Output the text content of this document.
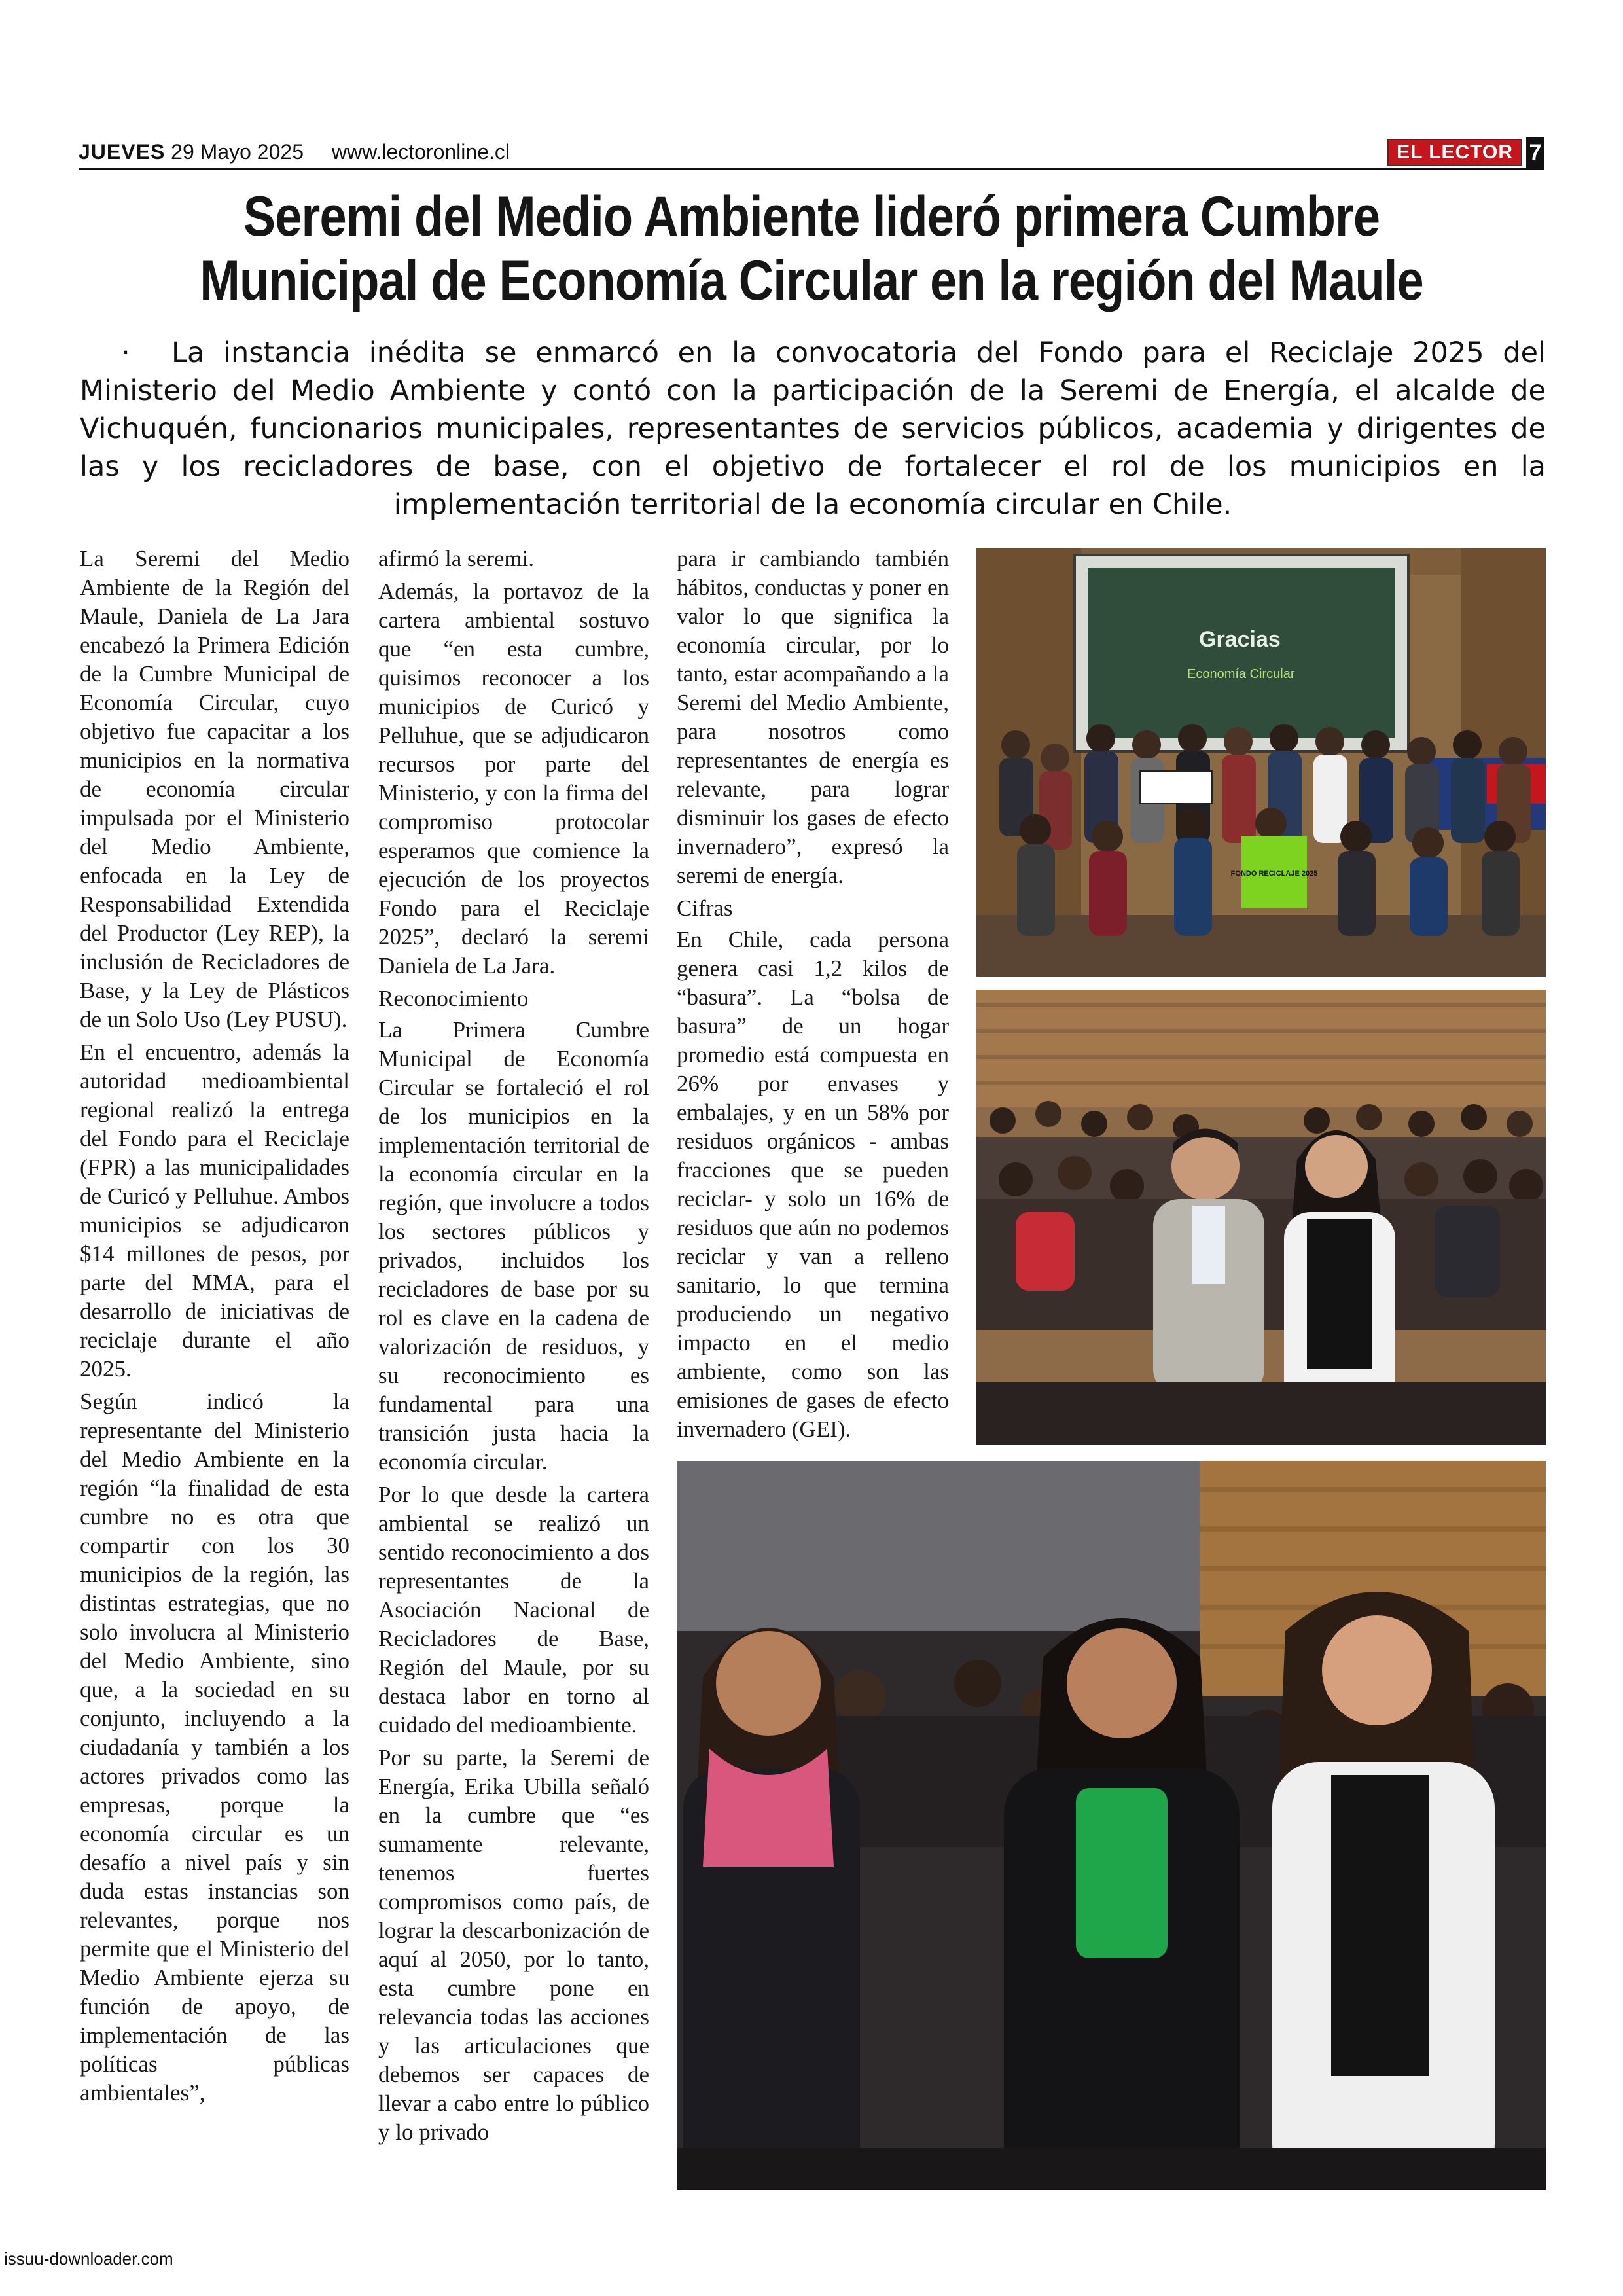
JUEVES 29 Mayo 2025 www.lectoronline.cl	EL LECTOR 7
Seremi del Medio Ambiente lideró primera Cumbre
Municipal de Economía Circular en la región del Maule
· La instancia inédita se enmarcó en la convocatoria del Fondo para el Reciclaje 2025 del Ministerio del Medio Ambiente y contó con la participación de la Seremi de Energía, el alcalde de Vichuquén, funcionarios municipales, representantes de servicios públicos, academia y dirigentes de las y los recicladores de base, con el objetivo de fortalecer el rol de los municipios en la implementación territorial de la economía circular en Chile.

La Seremi del Medio Ambiente de la Región del Maule, Daniela de La Jara encabezó la Primera Edición de la Cumbre Municipal de Economía Circular, cuyo objetivo fue capacitar a los municipios en la normativa de economía circular impulsada por el Ministerio del Medio Ambiente, enfocada en la Ley de Responsabilidad Extendida del Productor (Ley REP), la inclusión de Recicladores de Base, y la Ley de Plásticos de un Solo Uso (Ley PUSU).

En el encuentro, además la autoridad medioambiental regional realizó la entrega del Fondo para el Reciclaje (FPR) a las municipalidades de Curicó y Pelluhue. Ambos municipios se adjudicaron $14 millones de pesos, por parte del MMA, para el desarrollo de iniciativas de reciclaje durante el año 2025.

Según indicó la representante del Ministerio del Medio Ambiente en la región “la finalidad de esta cumbre no es otra que compartir con los 30 municipios de la región, las distintas estrategias, que no solo involucra al Ministerio del Medio Ambiente, sino que, a la sociedad en su conjunto, incluyendo a la ciudadanía y también a los actores privados como las empresas, porque la economía circular es un desafío a nivel país y sin duda estas instancias son relevantes, porque nos permite que el Ministerio del Medio Ambiente ejerza su función de apoyo, de implementación de las políticas públicas ambientales”,

afirmó la seremi.

Además, la portavoz de la cartera ambiental sostuvo que “en esta cumbre, quisimos reconocer a los municipios de Curicó y Pelluhue, que se adjudicaron recursos por parte del Ministerio, y con la firma del compromiso protocolar esperamos que comience la ejecución de los proyectos Fondo para el Reciclaje 2025”, declaró la seremi Daniela de La Jara.

Reconocimiento

La Primera Cumbre Municipal de Economía Circular se fortaleció el rol de los municipios en la implementación territorial de la economía circular en la región, que involucre a todos los sectores públicos y privados, incluidos los recicladores de base por su rol es clave en la cadena de valorización de residuos, y su reconocimiento es fundamental para una transición justa hacia la economía circular.

Por lo que desde la cartera ambiental se realizó un sentido reconocimiento a dos representantes de la Asociación Nacional de Recicladores de Base, Región del Maule, por su destaca labor en torno al cuidado del medioambiente.

Por su parte, la Seremi de Energía, Erika Ubilla señaló en la cumbre que “es sumamente relevante, tenemos fuertes compromisos como país, de lograr la descarbonización de aquí al 2050, por lo tanto, esta cumbre pone en relevancia todas las acciones y las articulaciones que debemos ser capaces de llevar a cabo entre lo público y lo privado

para ir cambiando también hábitos, conductas y poner en valor lo que significa la economía circular, por lo tanto, estar acompañando a la Seremi del Medio Ambiente, para nosotros como representantes de energía es relevante, para lograr disminuir los gases de efecto invernadero”, expresó la seremi de energía.

Cifras

En Chile, cada persona genera casi 1,2 kilos de “basura”. La “bolsa de basura” de un hogar promedio está compuesta en 26% por envases y embalajes, y en un 58% por residuos orgánicos - ambas fracciones que se pueden reciclar- y solo un 16% de residuos que aún no podemos reciclar y van a relleno sanitario, lo que termina produciendo un negativo impacto en el medio ambiente, como son las emisiones de gases de efecto invernadero (GEI).

Gracias
Economía Circular
FONDO RECICLAJE 2025
issuu-downloader.com
